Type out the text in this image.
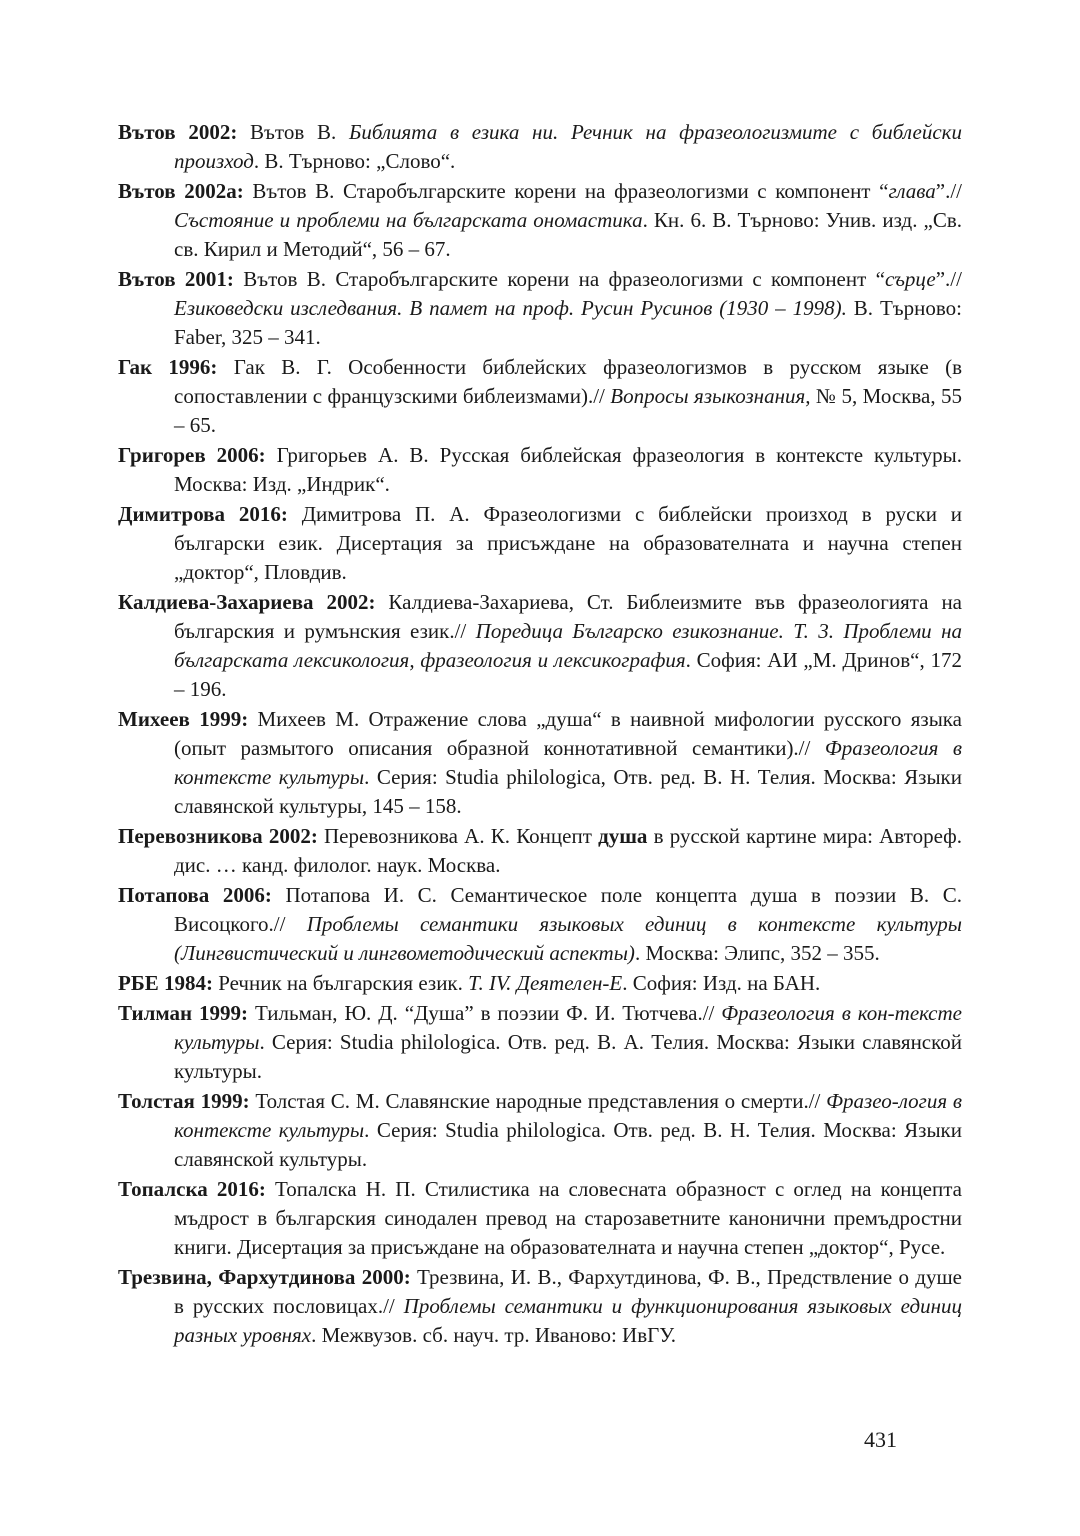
Вътов 2002: Вътов В. Библията в езика ни. Речник на фразеологизмите с библейски произход. В. Търново: „Слово“.

Вътов 2002а: Вътов В. Старобългарските корени на фразеологизми с компонент “глава”.// Състояние и проблеми на българската ономастика. Кн. 6. В. Търново: Унив. изд. „Св. св. Кирил и Методий“, 56 – 67.

Вътов 2001: Вътов В. Старобългарските корени на фразеологизми с компонент “сърце”.// Езиковедски изследвания. В памет на проф. Русин Русинов (1930 – 1998). В. Търново: Faber, 325 – 341.

Гак 1996: Гак В. Г. Особенности библейских фразеологизмов в русском языке (в сопоставлении с французскими библеизмами).// Вопросы языкознания, № 5, Москва, 55 – 65.

Григорев 2006: Григорьев А. В. Русская библейская фразеология в контексте культуры. Москва: Изд. „Индрик“.

Димитрова 2016: Димитрова П. А. Фразеологизми с библейски произход в руски и български език. Дисертация за присъждане на образователната и научна степен „доктор“, Пловдив.

Калдиева-Захариева 2002: Калдиева-Захариева, Ст. Библеизмите във фразеологията на българския и румънския език.// Поредица Българско езикознание. Т. 3. Проблеми на българската лексикология, фразеология и лексикография. София: АИ „М. Дринов“, 172 – 196.

Михеев 1999: Михеев М. Отражение слова „душа“ в наивной мифологии русского языка (опыт размытого описания образной коннотативной семантики).// Фразеология в контексте культуры. Серия: Studia philologica, Отв. ред. В. Н. Телия. Москва: Языки славянской культуры, 145 – 158.

Перевозникова 2002: Перевозникова А. К. Концепт душа в русской картине мира: Автореф. дис. … канд. филолог. наук. Москва.

Потапова 2006: Потапова И. С. Семантическое поле концепта душа в поэзии В. С. Висоцкого.// Проблемы семантики языковых единиц в контексте культуры (Лингвистический и лингвометодический аспекты). Москва: Элипс, 352 – 355.

РБЕ 1984: Речник на българския език. Т. IV. Деятелен-Е. София: Изд. на БАН.

Тилман 1999: Тильман, Ю. Д. “Душа” в поэзии Ф. И. Тютчева.// Фразеология в кон-тексте культуры. Серия: Studia philologica. Отв. ред. В. А. Телия. Москва: Языки славянской культуры.

Толстая 1999: Толстая С. М. Славянские народные представления о смерти.// Фразео-логия в контексте культуры. Серия: Studia philologica. Отв. ред. В. Н. Телия. Москва: Языки славянской культуры.

Топалска 2016: Топалска Н. П. Стилистика на словесната образност с оглед на концепта мъдрост в българския синодален превод на старозаветните канонични премъдростни книги. Дисертация за присъждане на образователната и научна степен „доктор“, Русе.

Трезвина, Фархутдинова 2000: Трезвина, И. В., Фархутдинова, Ф. В., Предствление о душе в русских пословицах.// Проблемы семантики и функционирования языковых единиц разных уровнях. Межвузов. сб. науч. тр. Иваново: ИвГУ.

431
